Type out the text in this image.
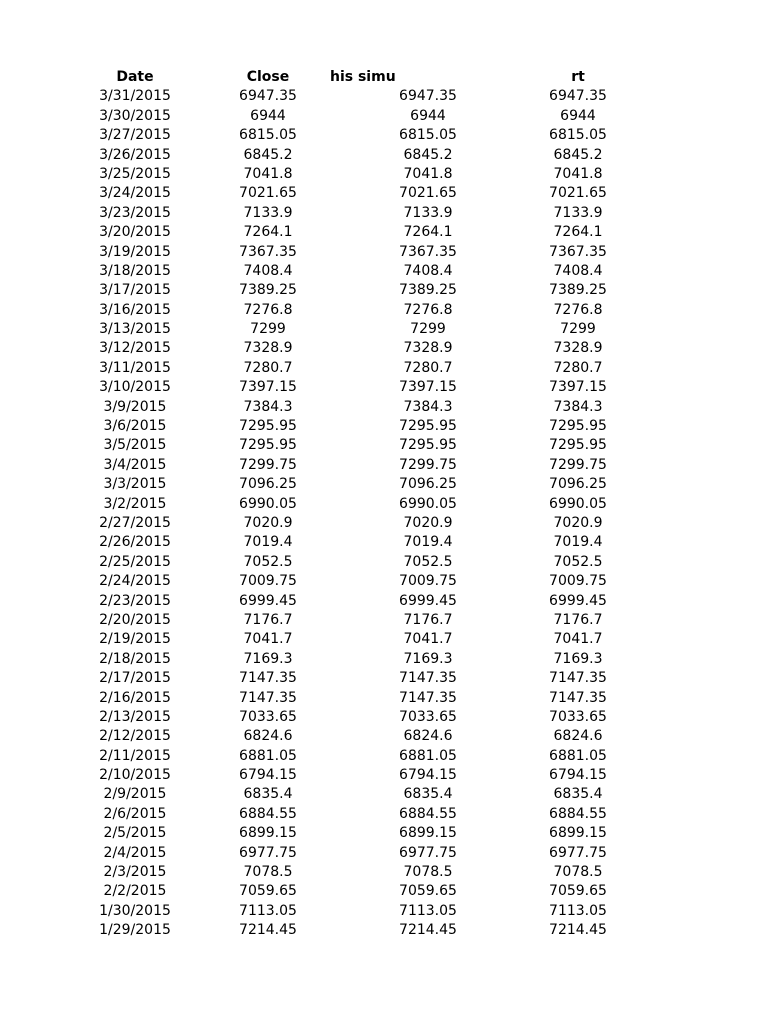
Date	Close	his simu	rt
3/31/2015	6947.35	6947.35	6947.35
3/30/2015	6944	6944	6944
3/27/2015	6815.05	6815.05	6815.05
3/26/2015	6845.2	6845.2	6845.2
3/25/2015	7041.8	7041.8	7041.8
3/24/2015	7021.65	7021.65	7021.65
3/23/2015	7133.9	7133.9	7133.9
3/20/2015	7264.1	7264.1	7264.1
3/19/2015	7367.35	7367.35	7367.35
3/18/2015	7408.4	7408.4	7408.4
3/17/2015	7389.25	7389.25	7389.25
3/16/2015	7276.8	7276.8	7276.8
3/13/2015	7299	7299	7299
3/12/2015	7328.9	7328.9	7328.9
3/11/2015	7280.7	7280.7	7280.7
3/10/2015	7397.15	7397.15	7397.15
3/9/2015	7384.3	7384.3	7384.3
3/6/2015	7295.95	7295.95	7295.95
3/5/2015	7295.95	7295.95	7295.95
3/4/2015	7299.75	7299.75	7299.75
3/3/2015	7096.25	7096.25	7096.25
3/2/2015	6990.05	6990.05	6990.05
2/27/2015	7020.9	7020.9	7020.9
2/26/2015	7019.4	7019.4	7019.4
2/25/2015	7052.5	7052.5	7052.5
2/24/2015	7009.75	7009.75	7009.75
2/23/2015	6999.45	6999.45	6999.45
2/20/2015	7176.7	7176.7	7176.7
2/19/2015	7041.7	7041.7	7041.7
2/18/2015	7169.3	7169.3	7169.3
2/17/2015	7147.35	7147.35	7147.35
2/16/2015	7147.35	7147.35	7147.35
2/13/2015	7033.65	7033.65	7033.65
2/12/2015	6824.6	6824.6	6824.6
2/11/2015	6881.05	6881.05	6881.05
2/10/2015	6794.15	6794.15	6794.15
2/9/2015	6835.4	6835.4	6835.4
2/6/2015	6884.55	6884.55	6884.55
2/5/2015	6899.15	6899.15	6899.15
2/4/2015	6977.75	6977.75	6977.75
2/3/2015	7078.5	7078.5	7078.5
2/2/2015	7059.65	7059.65	7059.65
1/30/2015	7113.05	7113.05	7113.05
1/29/2015	7214.45	7214.45	7214.45
